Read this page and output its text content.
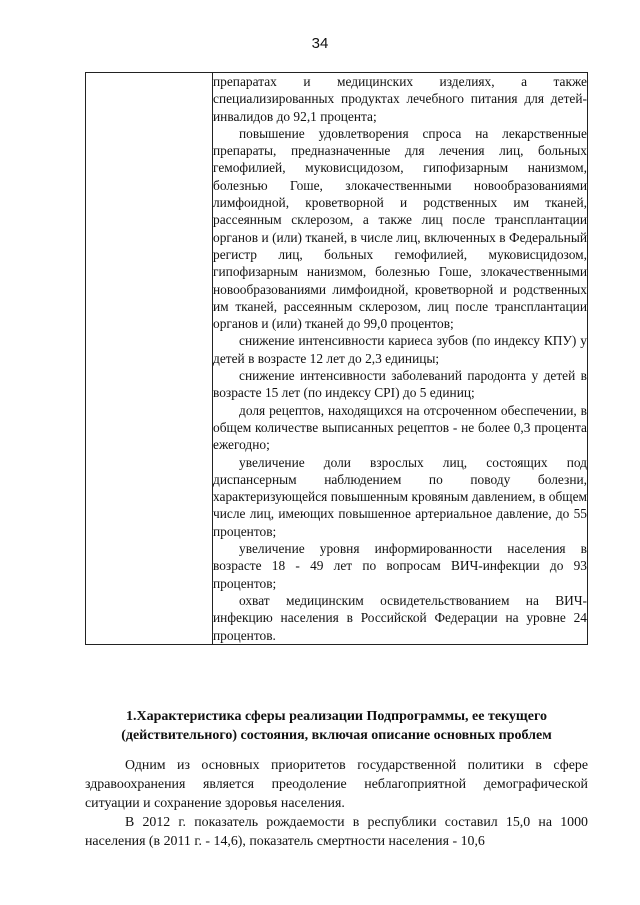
34

препаратах и медицинских изделиях, а также специализированных продуктах лечебного питания для детей-инвалидов до 92,1 процента;

повышение удовлетворения спроса на лекарственные препараты, предназначенные для лечения лиц, больных гемофилией, муковисцидозом, гипофизарным нанизмом, болезнью Гоше, злокачественными новообразованиями лимфоидной, кроветворной и родственных им тканей, рассеянным склерозом, а также лиц после трансплантации органов и (или) тканей, в числе лиц, включенных в Федеральный регистр лиц, больных гемофилией, муковисцидозом, гипофизарным нанизмом, болезнью Гоше, злокачественными новообразованиями лимфоидной, кроветворной и родственных им тканей, рассеянным склерозом, лиц после трансплантации органов и (или) тканей до 99,0 процентов;

снижение интенсивности кариеса зубов (по индексу КПУ) у детей в возрасте 12 лет до 2,3 единицы;

снижение интенсивности заболеваний пародонта у детей в возрасте 15 лет (по индексу CPI) до 5 единиц;

доля рецептов, находящихся на отсроченном обеспечении, в общем количестве выписанных рецептов - не более 0,3 процента ежегодно;

увеличение доли взрослых лиц, состоящих под диспансерным наблюдением по поводу болезни, характеризующейся повышенным кровяным давлением, в общем числе лиц, имеющих повышенное артериальное давление, до 55 процентов;

увеличение уровня информированности населения в возрасте 18 - 49 лет по вопросам ВИЧ-инфекции до 93 процентов;

охват медицинским освидетельствованием на ВИЧ-инфекцию населения в Российской Федерации на уровне 24 процентов.

1.Характеристика сферы реализации Подпрограммы, ее текущего (действительного) состояния, включая описание основных проблем

Одним из основных приоритетов государственной политики в сфере здравоохранения является преодоление неблагоприятной демографической ситуации и сохранение здоровья населения.

В 2012 г. показатель рождаемости в республики составил 15,0 на 1000 населения (в 2011 г. - 14,6), показатель смертности населения - 10,6
